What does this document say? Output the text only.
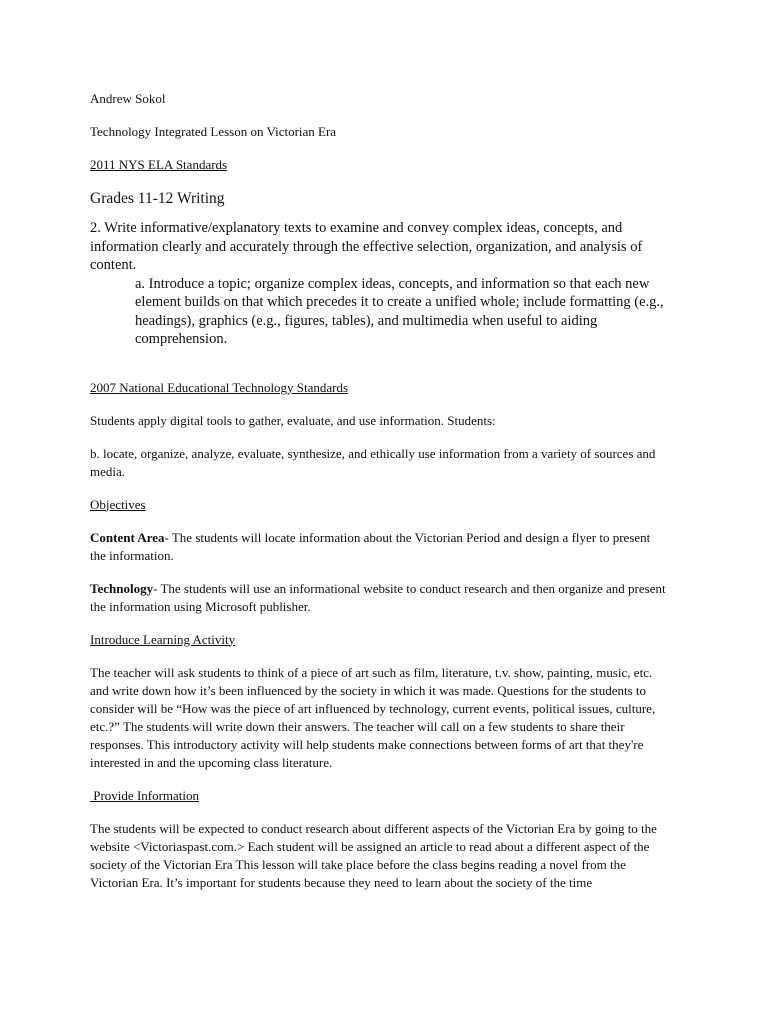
Andrew Sokol

Technology Integrated Lesson on Victorian Era

2011 NYS ELA Standards

Grades 11-12 Writing

2. Write informative/explanatory texts to examine and convey complex ideas, concepts, and information clearly and accurately through the effective selection, organization, and analysis of content.

a. Introduce a topic; organize complex ideas, concepts, and information so that each new element builds on that which precedes it to create a unified whole; include formatting (e.g., headings), graphics (e.g., figures, tables), and multimedia when useful to aiding comprehension.

2007 National Educational Technology Standards

Students apply digital tools to gather, evaluate, and use information. Students:

b. locate, organize, analyze, evaluate, synthesize, and ethically use information from a variety of sources and media.

Objectives

Content Area- The students will locate information about the Victorian Period and design a flyer to present the information.

Technology- The students will use an informational website to conduct research and then organize and present the information using Microsoft publisher.

Introduce Learning Activity

The teacher will ask students to think of a piece of art such as film, literature, t.v. show, painting, music, etc. and write down how it’s been influenced by the society in which it was made. Questions for the students to consider will be “How was the piece of art influenced by technology, current events, political issues, culture, etc.?” The students will write down their answers. The teacher will call on a few students to share their responses. This introductory activity will help students make connections between forms of art that they're interested in and the upcoming class literature.

Provide Information

The students will be expected to conduct research about different aspects of the Victorian Era by going to the website <Victoriaspast.com.> Each student will be assigned an article to read about a different aspect of the society of the Victorian Era This lesson will take place before the class begins reading a novel from the Victorian Era. It’s important for students because they need to learn about the society of the time
